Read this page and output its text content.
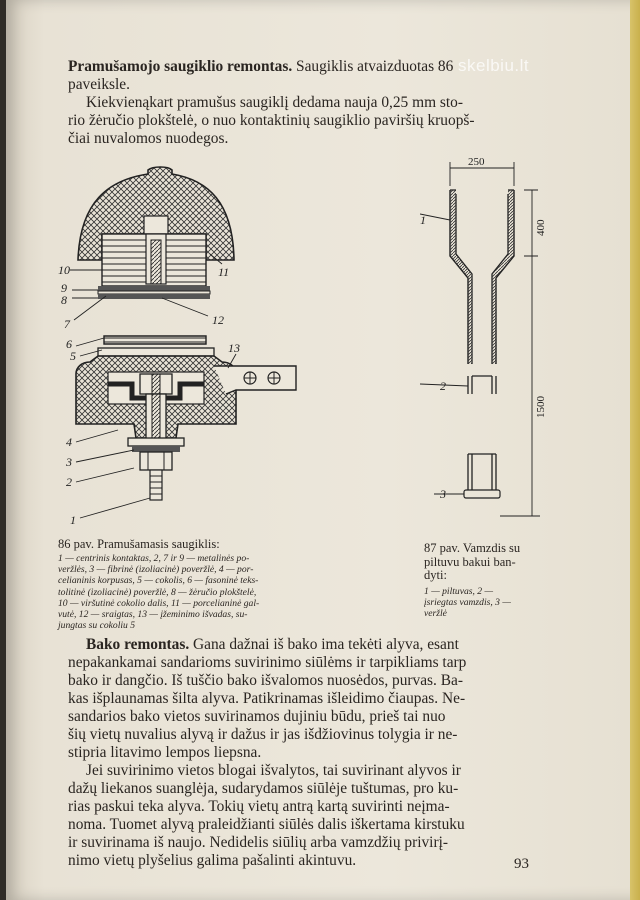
skelbiu.lt

Pramušamojo saugiklio remontas. Saugiklis atvaizduotas 86

paveiksle.

Kiekvienąkart pramušus saugiklį dedama nauja 0,25 mm sto-

rio žėručio plokštelė, o nuo kontaktinių saugiklio paviršių kruopš-

čiai nuvalomos nuodegos.

10	11
9
8
7	12
6
5
13
4
3
2
1
250
400
1500
1
2
3
86 pav. Pramušamasis saugiklis:
1 — centrinis kontaktas, 2, 7 ir 9 — metalinės po-
veržlės, 3 — fibrinė (izoliacinė) poveržlė, 4 — por-
celianinis korpusas, 5 — cokolis, 6 — fasoninė teks-
tolitinė (izoliacinė) poveržlė, 8 — žėručio plokštelė,
10 — viršutinė cokolio dalis, 11 — porcelianinė gal-
vutė, 12 — sraigtas, 13 — įžeminimo išvadas, su-
jungtas su cokoliu 5
87 pav. Vamzdis su
piltuvu bakui ban-
dyti:
1 — piltuvas, 2 —
įsriegtas vamzdis, 3 —
veržlė

Bako remontas. Gana dažnai iš bako ima tekėti alyva, esant

nepakankamai sandarioms suvirinimo siūlėms ir tarpikliams tarp

bako ir dangčio. Iš tuščio bako išvalomos nuosėdos, purvas. Ba-

kas išplaunamas šilta alyva. Patikrinamas išleidimo čiaupas. Ne-

sandarios bako vietos suvirinamos dujiniu būdu, prieš tai nuo

šių vietų nuvalius alyvą ir dažus ir jas išdžiovinus tolygia ir ne-

stipria litavimo lempos liepsna.

Jei suvirinimo vietos blogai išvalytos, tai suvirinant alyvos ir

dažų liekanos suanglėja, sudarydamos siūlėje tuštumas, pro ku-

rias paskui teka alyva. Tokių vietų antrą kartą suvirinti neįma-

noma. Tuomet alyvą praleidžianti siūlės dalis iškertama kirstuku

ir suvirinama iš naujo. Nedidelis siūlių arba vamzdžių privirį-

nimo vietų plyšelius galima pašalinti akintuvu.	93
